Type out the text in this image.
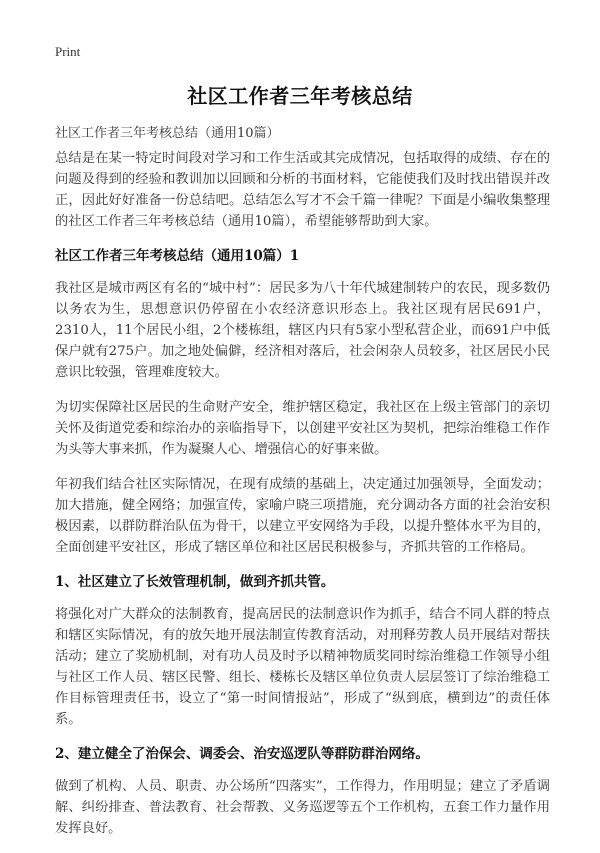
Print
社区工作者三年考核总结
社区工作者三年考核总结（通用10篇）

总结是在某一特定时间段对学习和工作生活或其完成情况，包括取得的成绩、存在的问题及得到的经验和教训加以回顾和分析的书面材料，它能使我们及时找出错误并改正，因此好好准备一份总结吧。总结怎么写才不会千篇一律呢？下面是小编收集整理的社区工作者三年考核总结（通用10篇），希望能够帮助到大家。

社区工作者三年考核总结（通用10篇）1

我社区是城市两区有名的“城中村”：居民多为八十年代城建制转户的农民，现多数仍以务农为生，思想意识仍停留在小农经济意识形态上。我社区现有居民691户，2310人，11个居民小组，2个楼栋组，辖区内只有5家小型私营企业，而691户中低保户就有275户。加之地处偏僻，经济相对落后，社会闲杂人员较多，社区居民小民意识比较强，管理难度较大。

为切实保障社区居民的生命财产安全，维护辖区稳定，我社区在上级主管部门的亲切关怀及街道党委和综治办的亲临指导下，以创建平安社区为契机，把综治维稳工作作为头等大事来抓，作为凝聚人心、增强信心的好事来做。

年初我们结合社区实际情况，在现有成绩的基础上，决定通过加强领导，全面发动；加大措施，健全网络；加强宣传，家喻户晓三项措施，充分调动各方面的社会治安积极因素，以群防群治队伍为骨干，以建立平安网络为手段，以提升整体水平为目的，全面创建平安社区，形成了辖区单位和社区居民积极参与，齐抓共管的工作格局。

1、社区建立了长效管理机制，做到齐抓共管。

将强化对广大群众的法制教育，提高居民的法制意识作为抓手，结合不同人群的特点和辖区实际情况，有的放矢地开展法制宣传教育活动，对刑释劳教人员开展结对帮扶活动；建立了奖励机制，对有功人员及时予以精神物质奖同时综治维稳工作领导小组与社区工作人员、辖区民警、组长、楼栋长及辖区单位负责人层层签订了综治维稳工作目标管理责任书，设立了“第一时间情报站”，形成了“纵到底，横到边”的责任体系。

2、建立健全了治保会、调委会、治安巡逻队等群防群治网络。

做到了机构、人员、职责、办公场所“四落实”，工作得力，作用明显；建立了矛盾调解、纠纷排查、普法教育、社会帮教、义务巡逻等五个工作机构，五套工作力量作用发挥良好。
